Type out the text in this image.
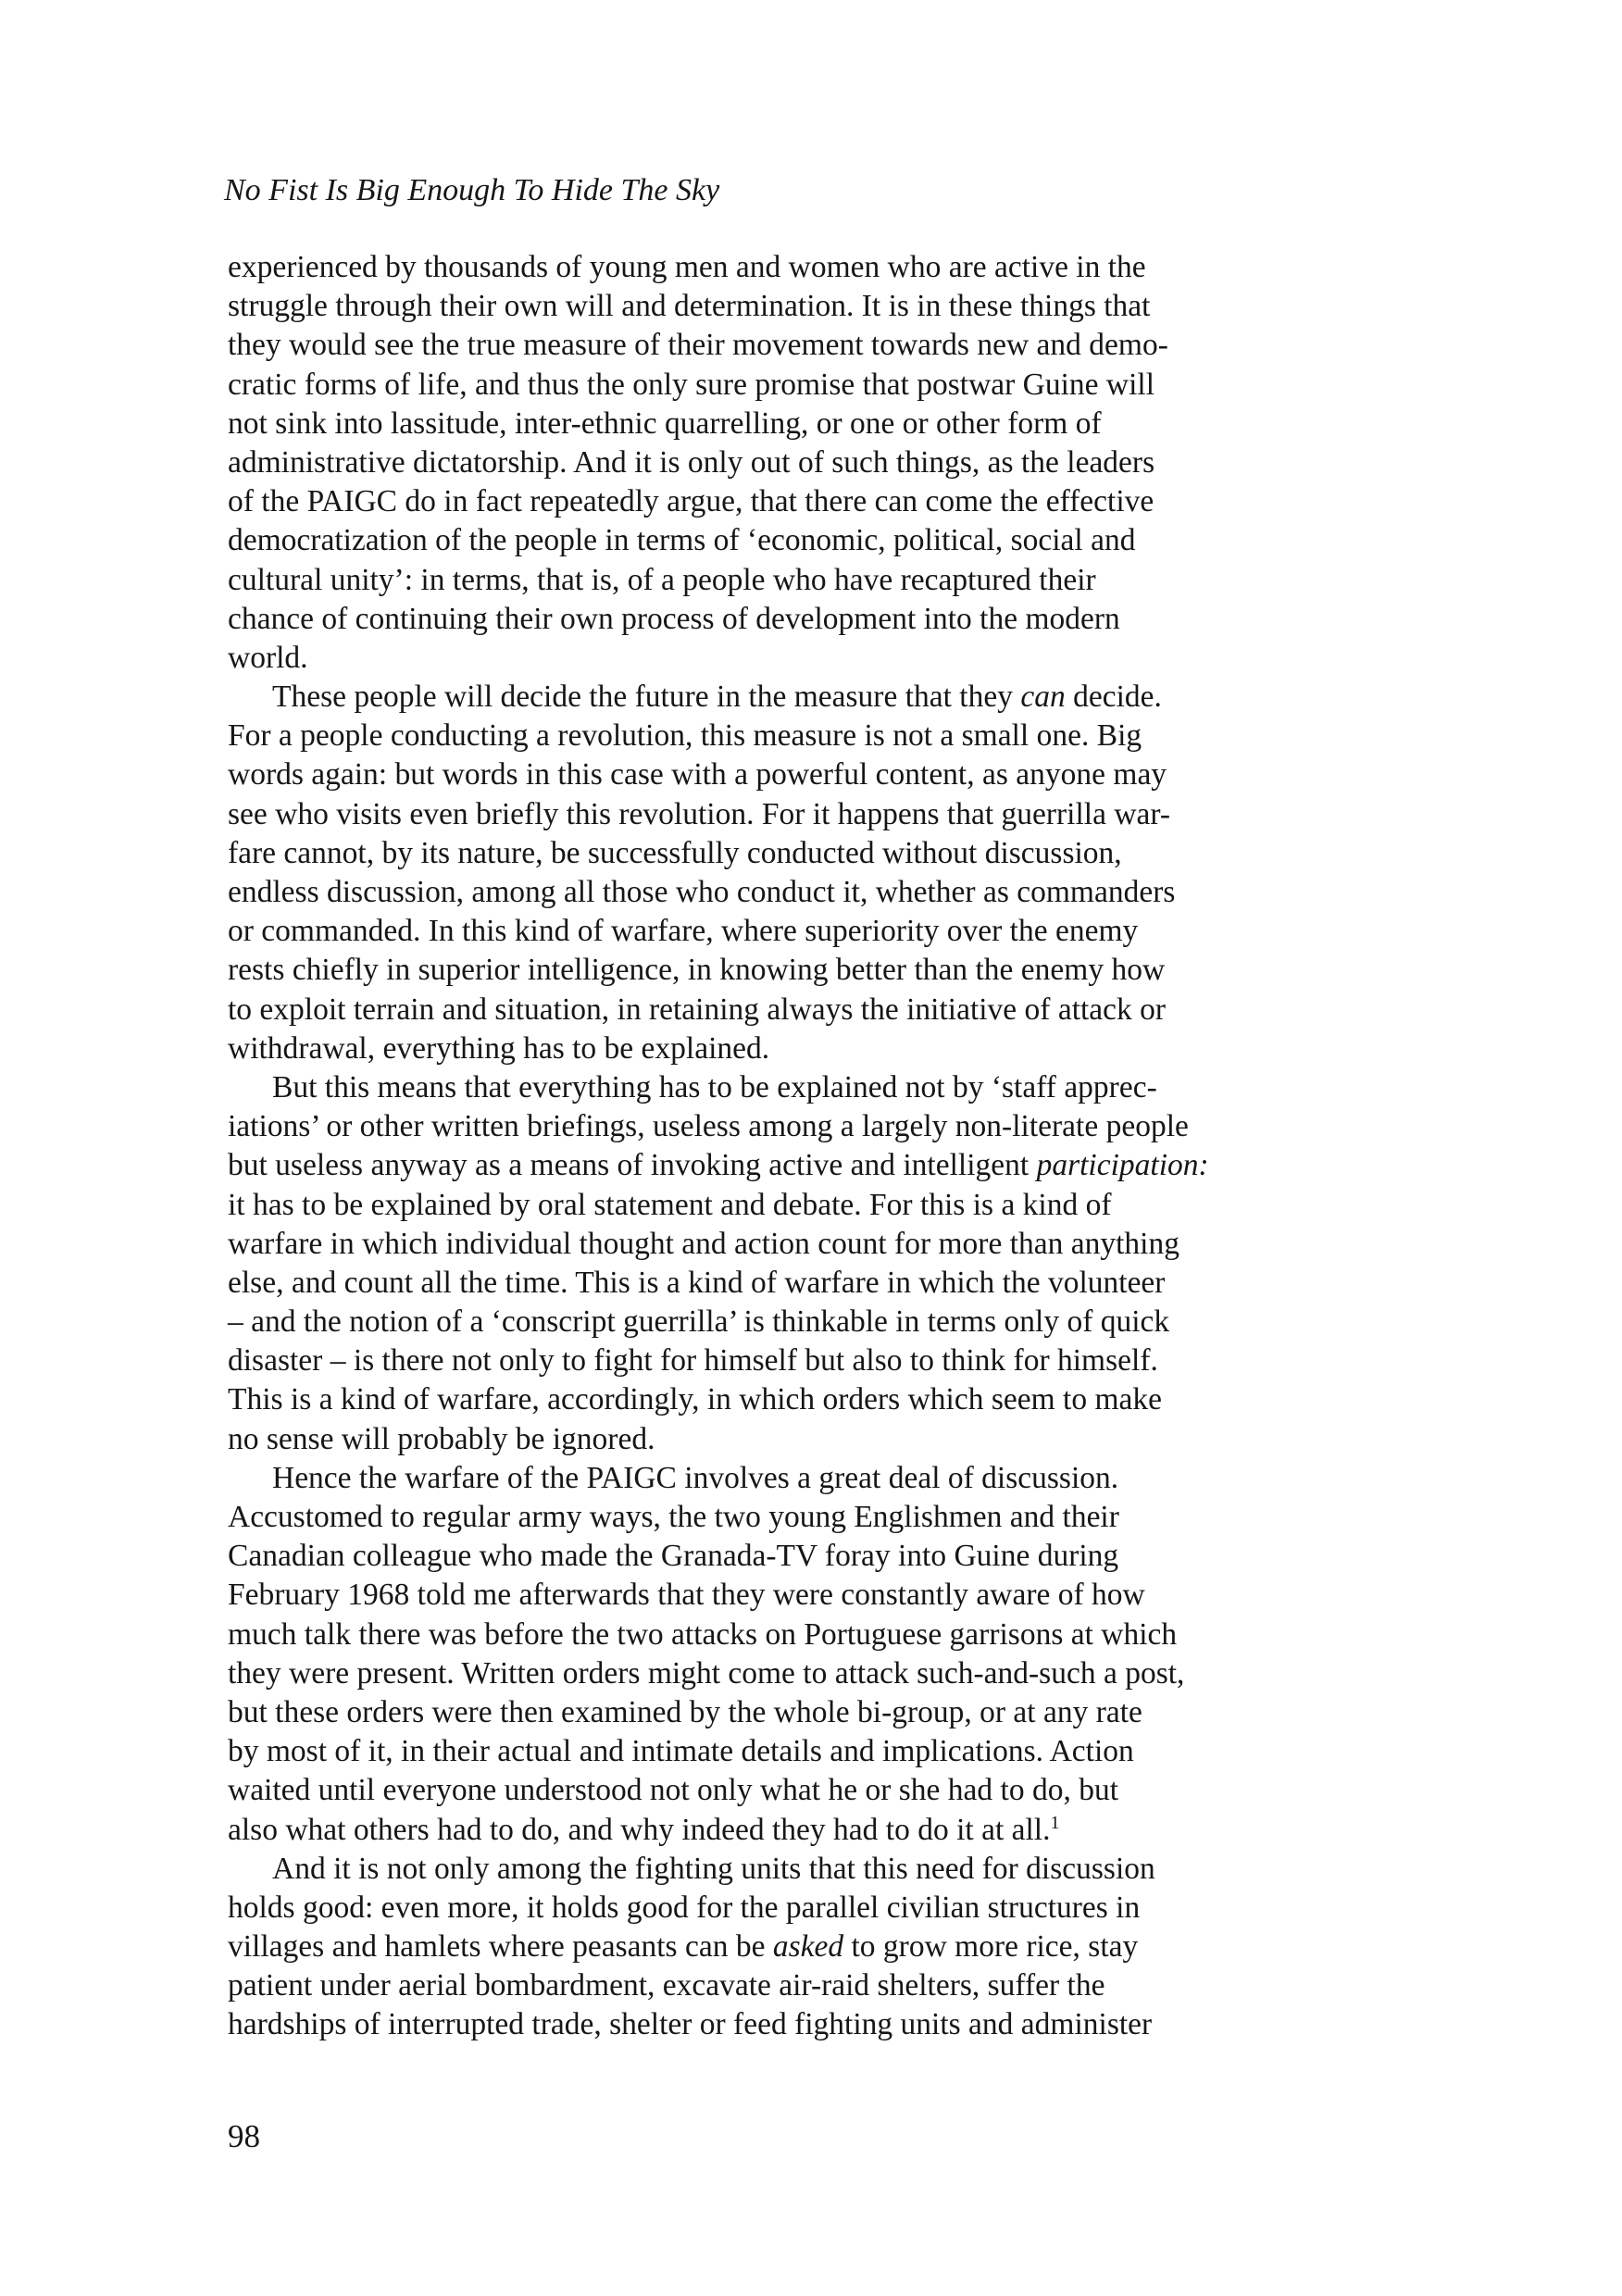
No Fist Is Big Enough To Hide The Sky
experienced by thousands of young men and women who are active in the
struggle through their own will and determination. It is in these things that
they would see the true measure of their movement towards new and demo-
cratic forms of life, and thus the only sure promise that postwar Guine will
not sink into lassitude, inter-ethnic quarrelling, or one or other form of
administrative dictatorship. And it is only out of such things, as the leaders
of the PAIGC do in fact repeatedly argue, that there can come the effective
democratization of the people in terms of ‘economic, political, social and
cultural unity’: in terms, that is, of a people who have recaptured their
chance of continuing their own process of development into the modern
world.
These people will decide the future in the measure that they can decide.
For a people conducting a revolution, this measure is not a small one. Big
words again: but words in this case with a powerful content, as anyone may
see who visits even briefly this revolution. For it happens that guerrilla war-
fare cannot, by its nature, be successfully conducted without discussion,
endless discussion, among all those who conduct it, whether as commanders
or commanded. In this kind of warfare, where superiority over the enemy
rests chiefly in superior intelligence, in knowing better than the enemy how
to exploit terrain and situation, in retaining always the initiative of attack or
withdrawal, everything has to be explained.
But this means that everything has to be explained not by ‘staff apprec-
iations’ or other written briefings, useless among a largely non-literate people
but useless anyway as a means of invoking active and intelligent participation:
it has to be explained by oral statement and debate. For this is a kind of
warfare in which individual thought and action count for more than anything
else, and count all the time. This is a kind of warfare in which the volunteer
– and the notion of a ‘conscript guerrilla’ is thinkable in terms only of quick
disaster – is there not only to fight for himself but also to think for himself.
This is a kind of warfare, accordingly, in which orders which seem to make
no sense will probably be ignored.
Hence the warfare of the PAIGC involves a great deal of discussion.
Accustomed to regular army ways, the two young Englishmen and their
Canadian colleague who made the Granada-TV foray into Guine during
February 1968 told me afterwards that they were constantly aware of how
much talk there was before the two attacks on Portuguese garrisons at which
they were present. Written orders might come to attack such-and-such a post,
but these orders were then examined by the whole bi-group, or at any rate
by most of it, in their actual and intimate details and implications. Action
waited until everyone understood not only what he or she had to do, but
also what others had to do, and why indeed they had to do it at all.$^1$
And it is not only among the fighting units that this need for discussion
holds good: even more, it holds good for the parallel civilian structures in
villages and hamlets where peasants can be asked to grow more rice, stay
patient under aerial bombardment, excavate air-raid shelters, suffer the
hardships of interrupted trade, shelter or feed fighting units and administer
98
